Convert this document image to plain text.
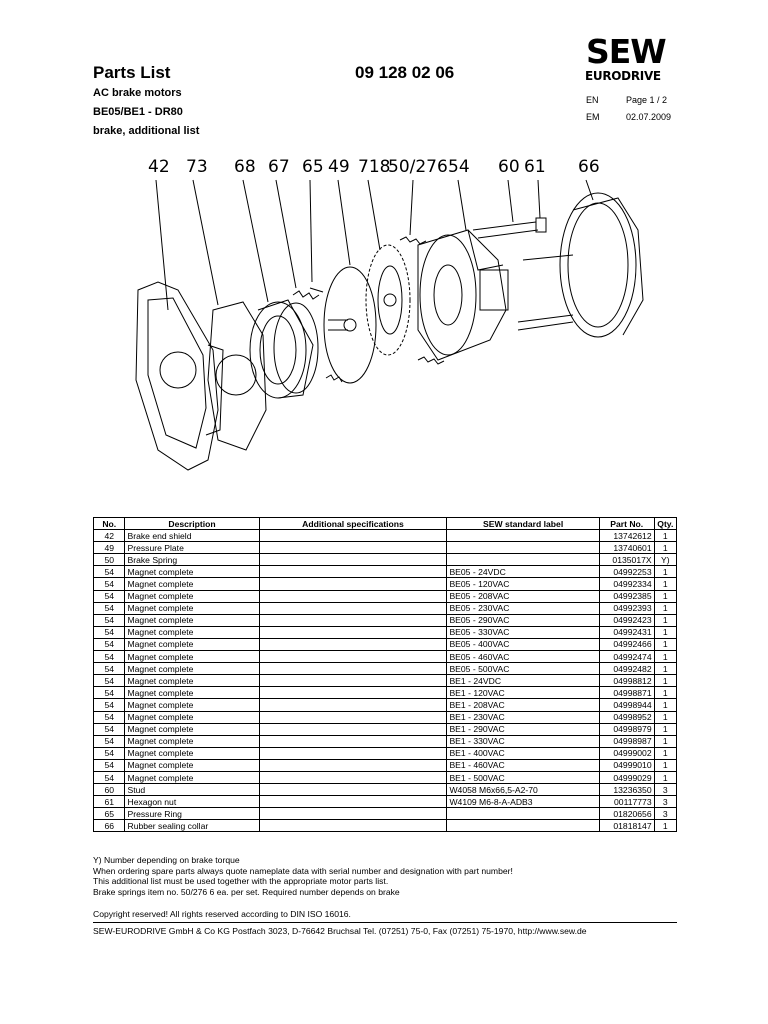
Parts List	09 128 02 06
AC brake motors
BE05/BE1 - DR80
brake, additional list
EN	Page 1 / 2
EM	02.07.2009
SEW
EURODRIVE
42 73 68 67 65 49 718
50/276 54 60 61 66
No.	Description	Additional specifications	SEW standard label	Part No.	Qty.
42	Brake end shield			13742612	1
49	Pressure Plate			13740601	1
50	Brake Spring			0135017X	Y)
54	Magnet complete		BE05 - 24VDC	04992253	1
54	Magnet complete		BE05 - 120VAC	04992334	1
54	Magnet complete		BE05 - 208VAC	04992385	1
54	Magnet complete		BE05 - 230VAC	04992393	1
54	Magnet complete		BE05 - 290VAC	04992423	1
54	Magnet complete		BE05 - 330VAC	04992431	1
54	Magnet complete		BE05 - 400VAC	04992466	1
54	Magnet complete		BE05 - 460VAC	04992474	1
54	Magnet complete		BE05 - 500VAC	04992482	1
54	Magnet complete		BE1 - 24VDC	04998812	1
54	Magnet complete		BE1 - 120VAC	04998871	1
54	Magnet complete		BE1 - 208VAC	04998944	1
54	Magnet complete		BE1 - 230VAC	04998952	1
54	Magnet complete		BE1 - 290VAC	04998979	1
54	Magnet complete		BE1 - 330VAC	04998987	1
54	Magnet complete		BE1 - 400VAC	04999002	1
54	Magnet complete		BE1 - 460VAC	04999010	1
54	Magnet complete		BE1 - 500VAC	04999029	1
60	Stud		W4058 M6x66,5-A2-70	13236350	3
61	Hexagon nut		W4109 M6-8-A-ADB3	00117773	3
65	Pressure Ring			01820656	3
66	Rubber sealing collar			01818147	1
Y) Number depending on brake torque
When ordering spare parts always quote nameplate data with serial number and designation with part number!
This additional list must be used together with the appropriate motor parts list.
Brake springs item no. 50/276 6 ea. per set. Required number depends on brake
Copyright reserved! All rights reserved according to DIN ISO 16016.
SEW-EURODRIVE GmbH & Co KG Postfach 3023, D-76642 Bruchsal Tel. (07251) 75-0, Fax (07251) 75-1970, http://www.sew.de
